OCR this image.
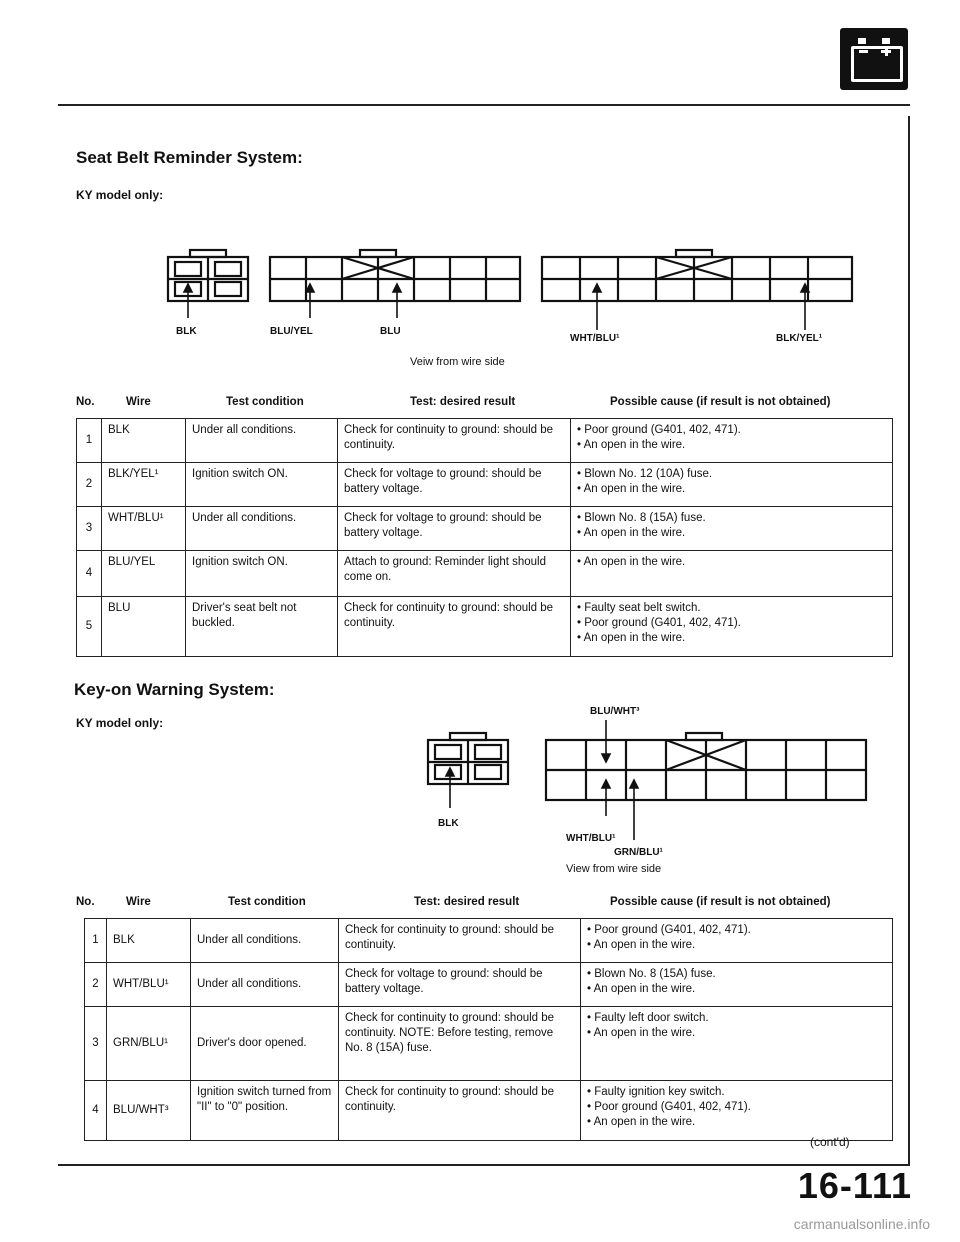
Seat Belt Reminder System:
KY model only:
BLK	BLU/YEL	BLU
WHT/BLU¹	BLK/YEL¹
Veiw from wire side
No.	Wire	Test condition	Test: desired result	Possible cause (if result is not obtained)
1	BLK	Under all conditions.	Check for continuity to ground: should be continuity.	• Poor ground (G401, 402, 471).
• An open in the wire.

2	BLK/YEL¹	Ignition switch ON.	Check for voltage to ground: should be battery voltage.	• Blown No. 12 (10A) fuse.
• An open in the wire.

3	WHT/BLU¹	Under all conditions.	Check for voltage to ground: should be battery voltage.	• Blown No. 8 (15A) fuse.
• An open in the wire.

4	BLU/YEL	Ignition switch ON.	Attach to ground: Reminder light should come on.	• An open in the wire.

5	BLU	Driver's seat belt not buckled.	Check for continuity to ground: should be continuity.	• Faulty seat belt switch.
• Poor ground (G401, 402, 471).
• An open in the wire.
Key-on Warning System:
KY model only:
BLU/WHT³
BLK
WHT/BLU¹
GRN/BLU¹
View from wire side
No.	Wire	Test condition	Test: desired result	Possible cause (if result is not obtained)
1	BLK	Under all conditions.	Check for continuity to ground: should be continuity.	• Poor ground (G401, 402, 471).
• An open in the wire.

2	WHT/BLU¹	Under all conditions.	Check for voltage to ground: should be battery voltage.	• Blown No. 8 (15A) fuse.
• An open in the wire.

3	GRN/BLU¹	Driver's door opened.	Check for continuity to ground: should be continuity. NOTE: Before testing, remove No. 8 (15A) fuse.	• Faulty left door switch.
• An open in the wire.

4	BLU/WHT³	Ignition switch turned from "II" to "0" position.	Check for continuity to ground: should be continuity.	• Faulty ignition key switch.
• Poor ground (G401, 402, 471).
• An open in the wire.
(cont'd)
16-111
carmanualsonline.info
